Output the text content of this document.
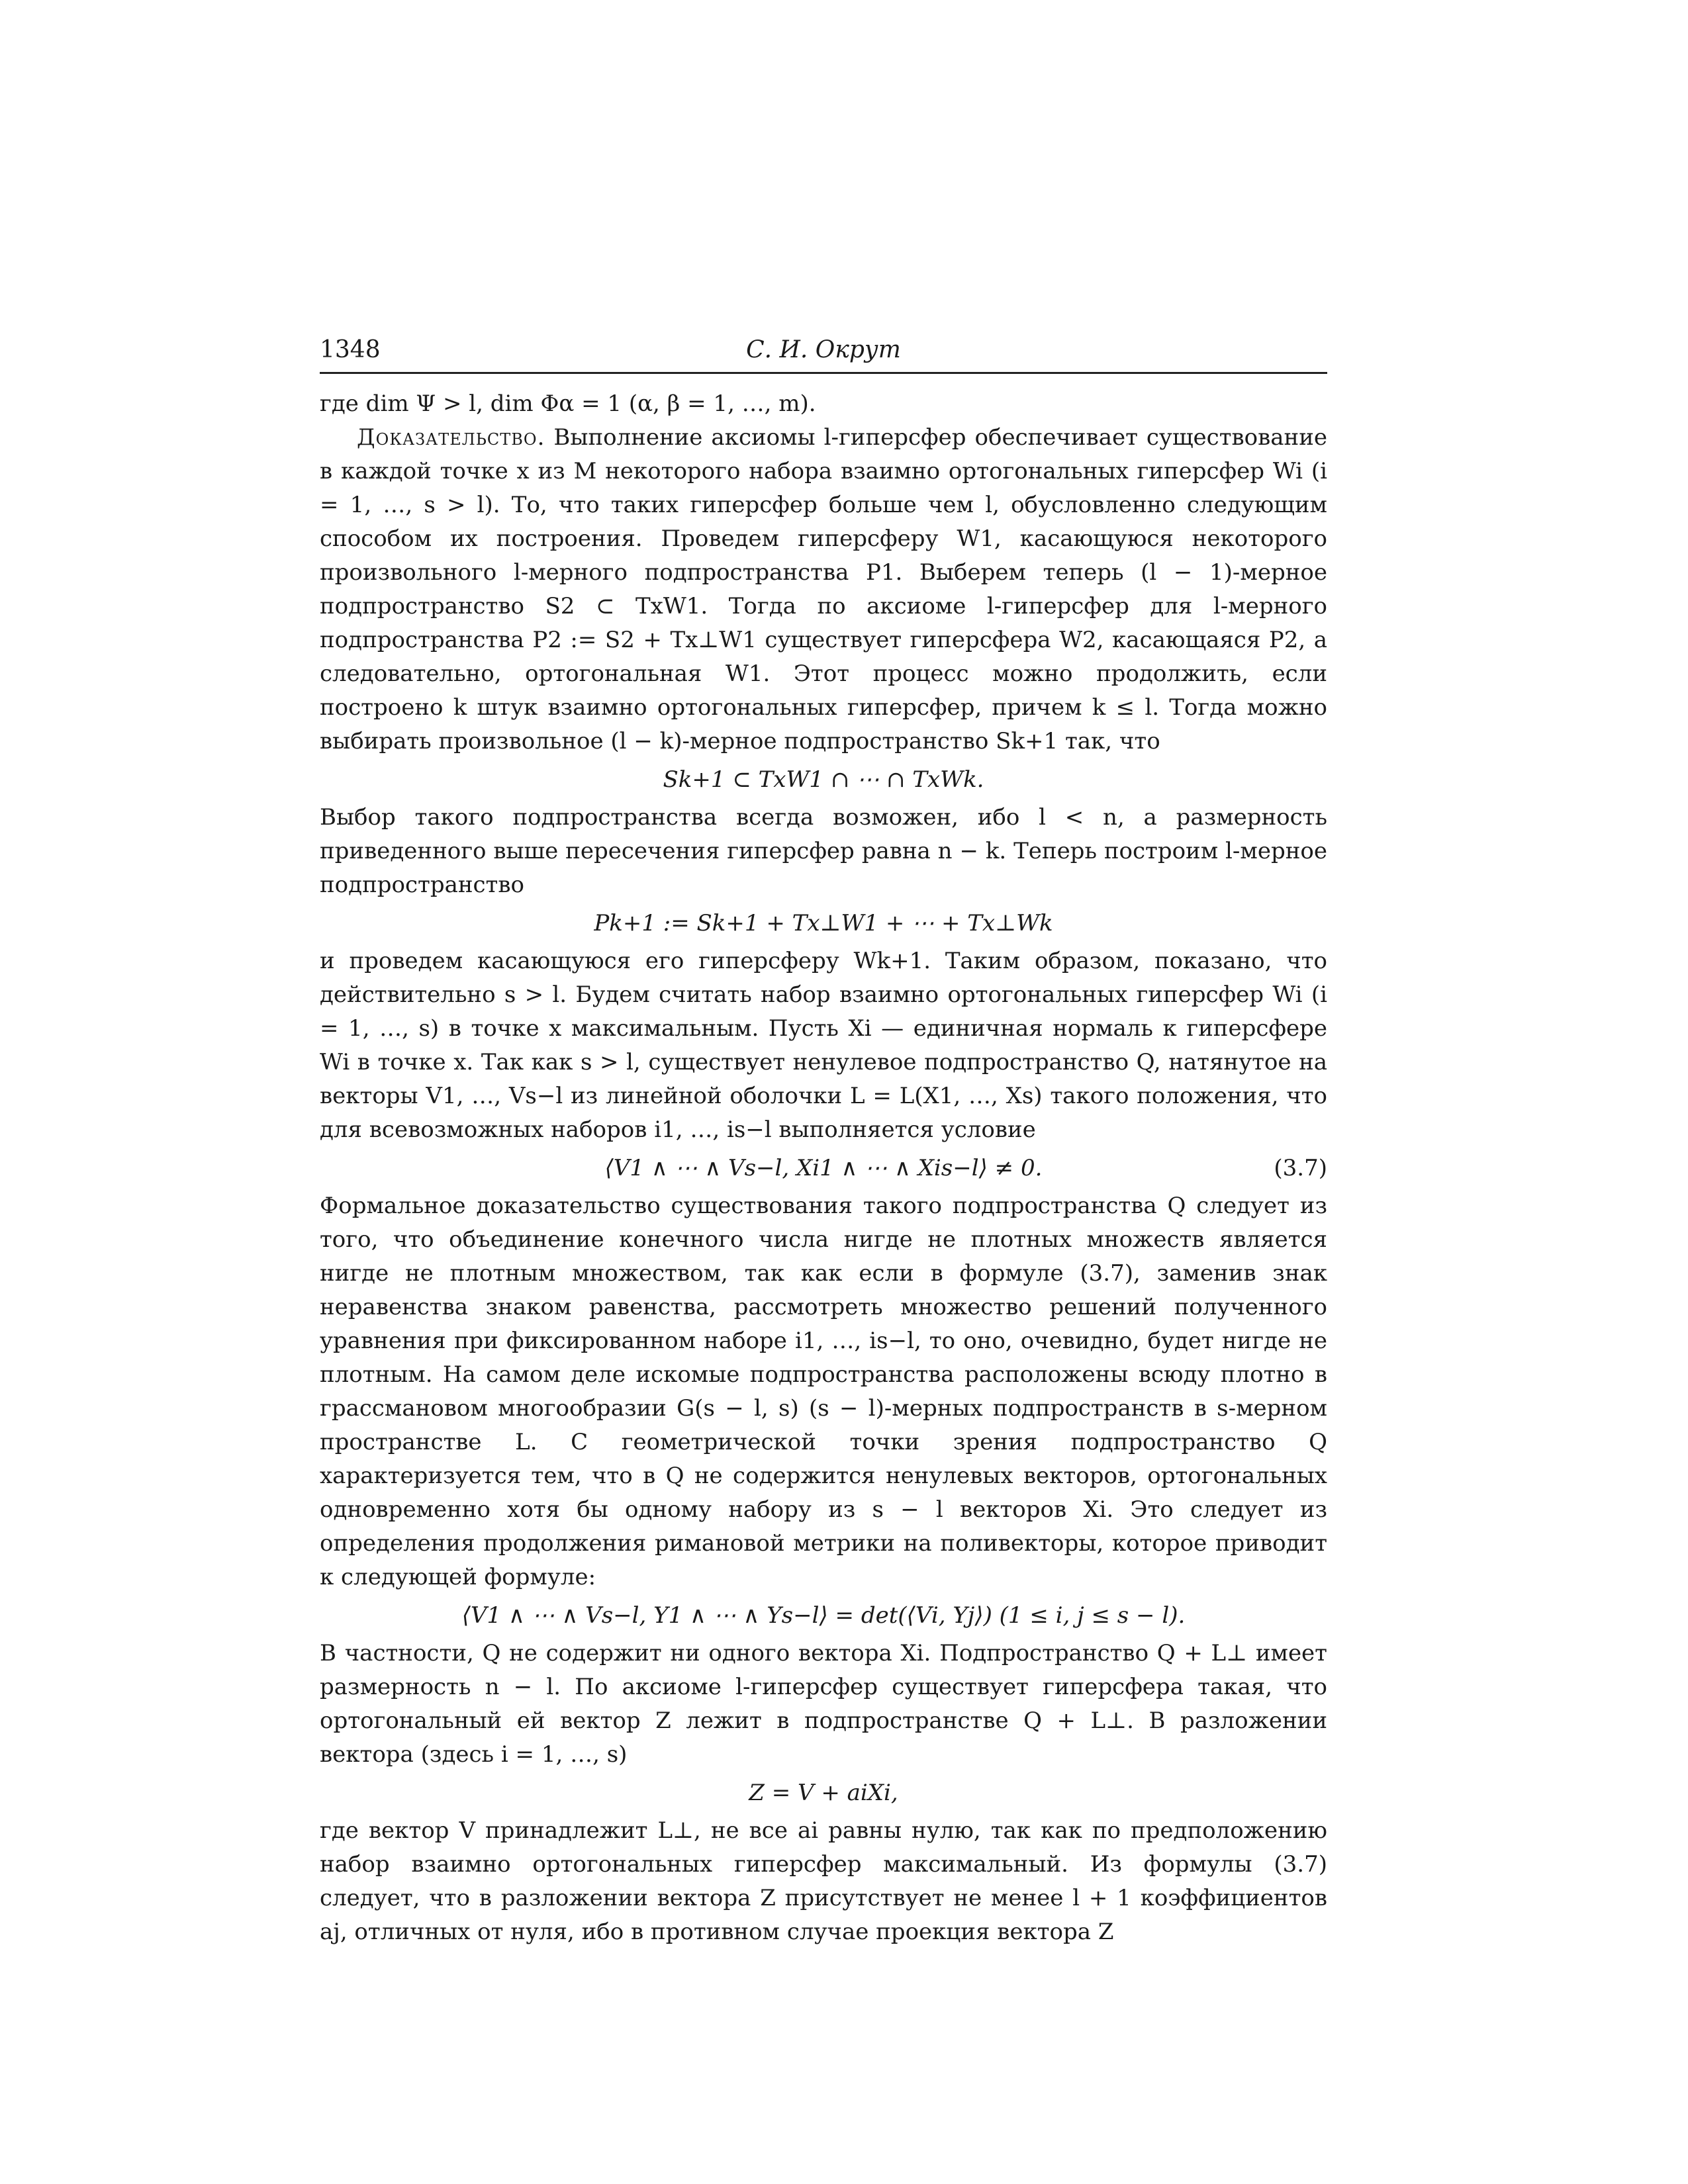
1348	С. И. Окрут

где dim Ψ > l, dim Φα = 1 (α, β = 1, …, m).

Доказательство. Выполнение аксиомы l-гиперсфер обеспечивает существование в каждой точке x из M некоторого набора взаимно ортогональных гиперсфер Wi (i = 1, …, s > l). То, что таких гиперсфер больше чем l, обусловленно следующим способом их построения. Проведем гиперсферу W1, касающуюся некоторого произвольного l-мерного подпространства P1. Выберем теперь (l − 1)-мерное подпространство S2 ⊂ TxW1. Тогда по аксиоме l-гиперсфер для l-мерного подпространства P2 := S2 + Tx⊥W1 существует гиперсфера W2, касающаяся P2, а следовательно, ортогональная W1. Этот процесс можно продолжить, если построено k штук взаимно ортогональных гиперсфер, причем k ≤ l. Тогда можно выбирать произвольное (l − k)-мерное подпространство Sk+1 так, что

Sk+1 ⊂ TxW1 ∩ ⋯ ∩ TxWk.

Выбор такого подпространства всегда возможен, ибо l < n, а размерность приведенного выше пересечения гиперсфер равна n − k. Теперь построим l-мерное подпространство

Pk+1 := Sk+1 + Tx⊥W1 + ⋯ + Tx⊥Wk

и проведем касающуюся его гиперсферу Wk+1. Таким образом, показано, что действительно s > l. Будем считать набор взаимно ортогональных гиперсфер Wi (i = 1, …, s) в точке x максимальным. Пусть Xi — единичная нормаль к гиперсфере Wi в точке x. Так как s > l, существует ненулевое подпространство Q, натянутое на векторы V1, …, Vs−l из линейной оболочки L = L(X1, …, Xs) такого положения, что для всевозможных наборов i1, …, is−l выполняется условие

⟨V1 ∧ ⋯ ∧ Vs−l, Xi1 ∧ ⋯ ∧ Xis−l⟩ ≠ 0.	(3.7)

Формальное доказательство существования такого подпространства Q следует из того, что объединение конечного числа нигде не плотных множеств является нигде не плотным множеством, так как если в формуле (3.7), заменив знак неравенства знаком равенства, рассмотреть множество решений полученного уравнения при фиксированном наборе i1, …, is−l, то оно, очевидно, будет нигде не плотным. На самом деле искомые подпространства расположены всюду плотно в грассмановом многообразии G(s − l, s) (s − l)-мерных подпространств в s-мерном пространстве L. С геометрической точки зрения подпространство Q характеризуется тем, что в Q не содержится ненулевых векторов, ортогональных одновременно хотя бы одному набору из s − l векторов Xi. Это следует из определения продолжения римановой метрики на поливекторы, которое приводит к следующей формуле:

⟨V1 ∧ ⋯ ∧ Vs−l, Y1 ∧ ⋯ ∧ Ys−l⟩ = det(⟨Vi, Yj⟩) (1 ≤ i, j ≤ s − l).

В частности, Q не содержит ни одного вектора Xi. Подпространство Q + L⊥ имеет размерность n − l. По аксиоме l-гиперсфер существует гиперсфера такая, что ортогональный ей вектор Z лежит в подпространстве Q + L⊥. В разложении вектора (здесь i = 1, …, s)

Z = V + aiXi,

где вектор V принадлежит L⊥, не все ai равны нулю, так как по предположению набор взаимно ортогональных гиперсфер максимальный. Из формулы (3.7) следует, что в разложении вектора Z присутствует не менее l + 1 коэффициентов aj, отличных от нуля, ибо в противном случае проекция вектора Z
